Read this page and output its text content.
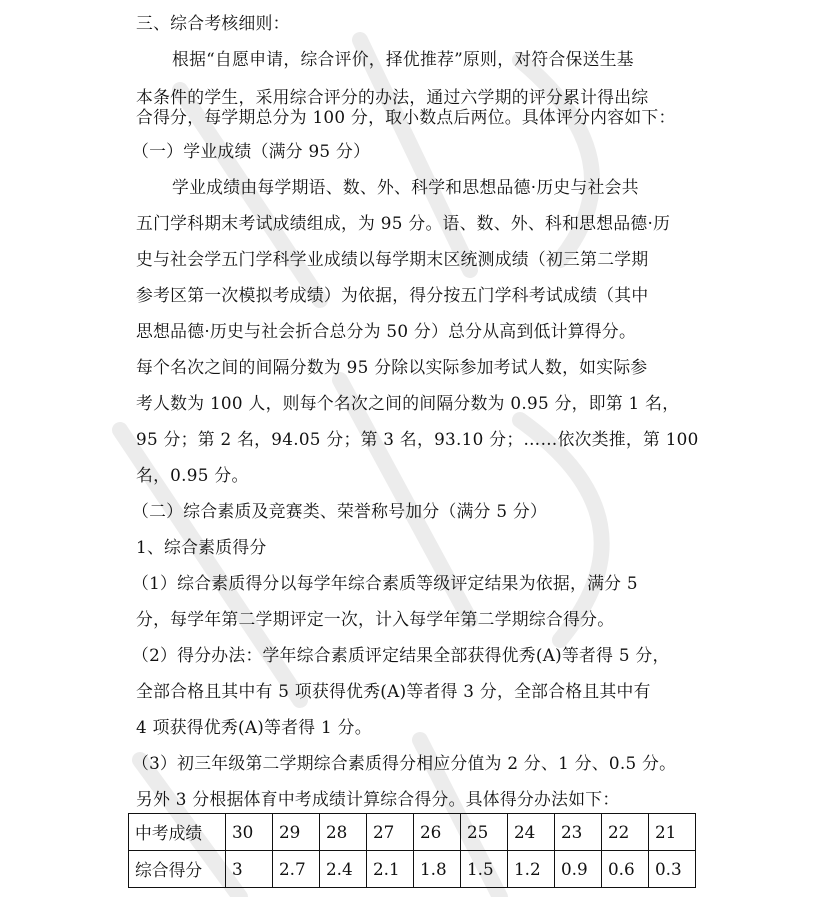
三、综合考核细则：
根据“自愿申请，综合评价，择优推荐”原则，对符合保送生基
本条件的学生，采用综合评分的办法，通过六学期的评分累计得出综
合得分，每学期总分为 100 分，取小数点后两位。具体评分内容如下：
（一）学业成绩（满分 95 分）
学业成绩由每学期语、数、外、科学和思想品德·历史与社会共
五门学科期末考试成绩组成，为 95 分。语、数、外、科和思想品德·历
史与社会学五门学科学业成绩以每学期末区统测成绩（初三第二学期
参考区第一次模拟考成绩）为依据，得分按五门学科考试成绩（其中
思想品德·历史与社会折合总分为 50 分）总分从高到低计算得分。
每个名次之间的间隔分数为 95 分除以实际参加考试人数，如实际参
考人数为 100 人，则每个名次之间的间隔分数为 0.95 分，即第 1 名，
95 分；第 2 名，94.05 分；第 3 名，93.10 分；……依次类推，第 100
名，0.95 分。
（二）综合素质及竞赛类、荣誉称号加分（满分 5 分）
1、综合素质得分
（1）综合素质得分以每学年综合素质等级评定结果为依据，满分 5
分，每学年第二学期评定一次，计入每学年第二学期综合得分。
（2）得分办法：学年综合素质评定结果全部获得优秀(A)等者得 5 分，
全部合格且其中有 5 项获得优秀(A)等者得 3 分，全部合格且其中有
4 项获得优秀(A)等者得 1 分。
（3）初三年级第二学期综合素质得分相应分值为 2 分、1 分、0.5 分。
另外 3 分根据体育中考成绩计算综合得分。具体得分办法如下：
中考成绩	30	29	28	27	26	25	24	23	22	21
综合得分	3	2.7	2.4	2.1	1.8	1.5	1.2	0.9	0.6	0.3
